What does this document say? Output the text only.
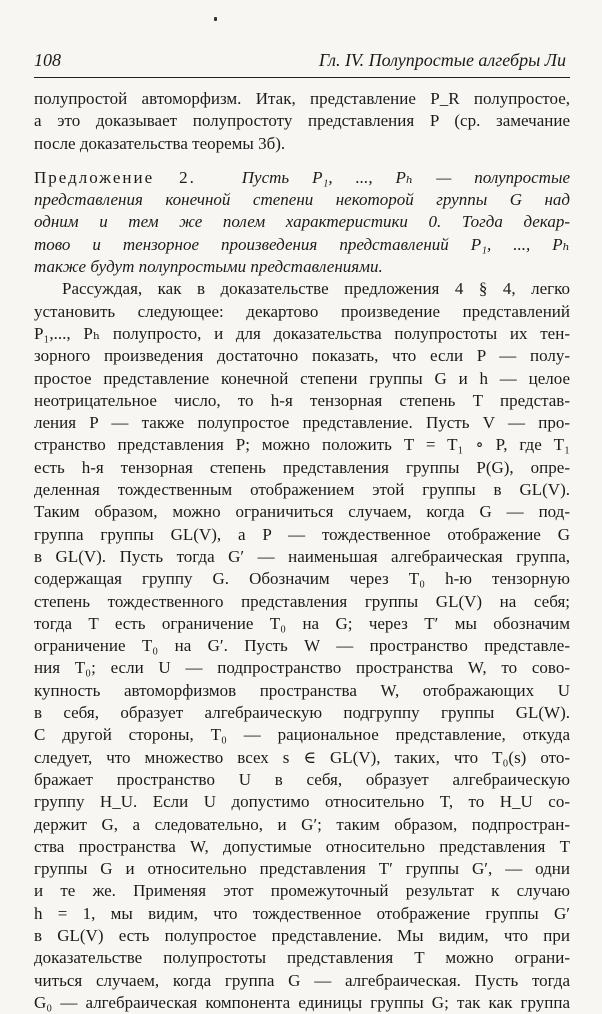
108	Гл. IV. Полупростые алгебры Ли
полупростой автоморфизм. Итак, представление P_R полупростое,
а это доказывает полупростоту представления P (ср. замечание
после доказательства теоремы 3б).
Предложение 2.	Пусть P₁, ..., Pₕ — полупростые
представления конечной степени некоторой группы G над
одним и тем же полем характеристики 0. Тогда декар-
тово и тензорное произведения представлений P₁, ..., Pₕ
также будут полупростыми представлениями.
Рассуждая, как в доказательстве предложения 4 § 4, легко
установить следующее: декартово произведение представлений
P₁,..., Pₕ полупросто, и для доказательства полупростоты их тен-
зорного произведения достаточно показать, что если P — полу-
простое представление конечной степени группы G и h — целое
неотрицательное число, то h-я тензорная степень T представ-
ления P — также полупростое представление. Пусть V — про-
странство представления P; можно положить T = T₁ ∘ P, где T₁
есть h-я тензорная степень представления группы P(G), опре-
деленная тождественным отображением этой группы в GL(V).
Таким образом, можно ограничиться случаем, когда G — под-
группа группы GL(V), а P — тождественное отображение G
в GL(V). Пусть тогда G′ — наименьшая алгебраическая группа,
содержащая группу G. Обозначим через T₀ h-ю тензорную
степень тождественного представления группы GL(V) на себя;
тогда T есть ограничение T₀ на G; через T′ мы обозначим
ограничение T₀ на G′. Пусть W — пространство представле-
ния T₀; если U — подпространство пространства W, то сово-
купность автоморфизмов пространства W, отображающих U
в себя, образует алгебраическую подгруппу группы GL(W).
С другой стороны, T₀ — рациональное представление, откуда
следует, что множество всех s ∈ GL(V), таких, что T₀(s) ото-
бражает пространство U в себя, образует алгебраическую
группу H_U. Если U допустимо относительно T, то H_U со-
держит G, а следовательно, и G′; таким образом, подпростран-
ства пространства W, допустимые относительно представления T
группы G и относительно представления T′ группы G′, — одни
и те же. Применяя этот промежуточный результат к случаю
h = 1, мы видим, что тождественное отображение группы G′
в GL(V) есть полупростое представление. Мы видим, что при
доказательстве полупростоты представления T можно ограни-
читься случаем, когда группа G — алгебраическая. Пусть тогда
G₀ — алгебраическая компонента единицы группы G; так как группа
